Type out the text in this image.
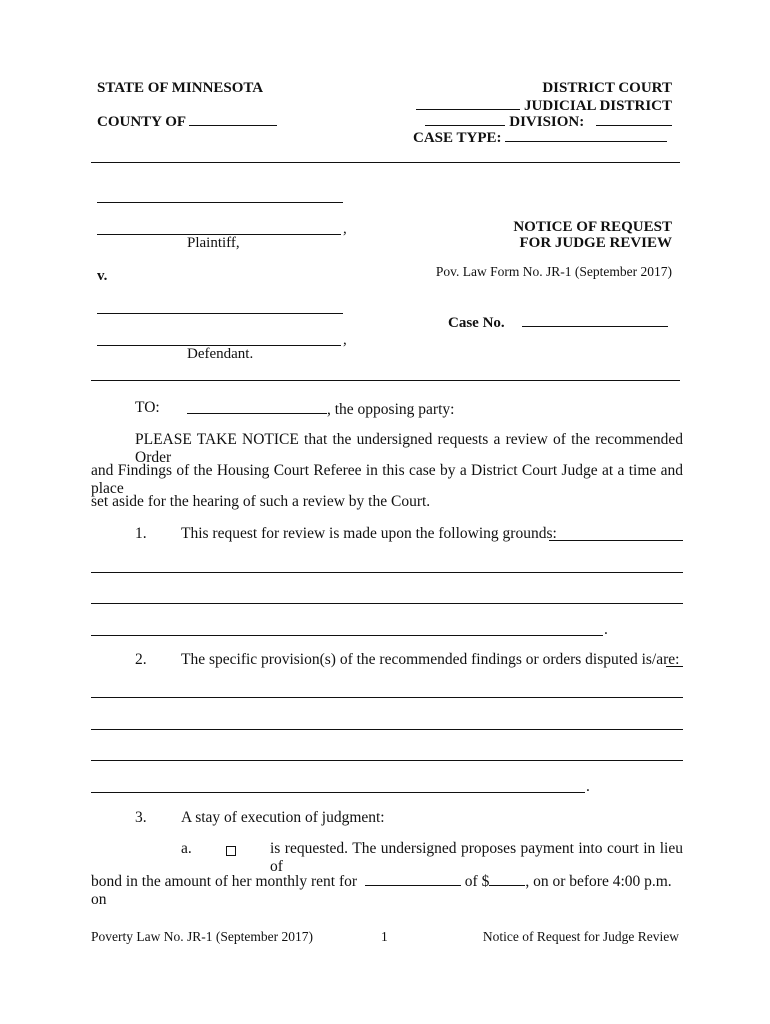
STATE OF MINNESOTA
COUNTY OF
DISTRICT COURT
JUDICIAL DISTRICT
DIVISION:
CASE TYPE:
,
Plaintiff,
NOTICE OF REQUEST
FOR JUDGE REVIEW
v.	Pov. Law Form No. JR-1 (September 2017)
Case No.
,
Defendant.
TO:	, the opposing party:
PLEASE TAKE NOTICE that the undersigned requests a review of the recommended Order
and Findings of the Housing Court Referee in this case by a District Court Judge at a time and place
set aside for the hearing of such a review by the Court.
1. This request for review is made upon the following grounds:
.
2. The specific provision(s) of the recommended findings or orders disputed is/are:
.
3. A stay of execution of judgment:
a.	is requested. The undersigned proposes payment into court in lieu of
bond in the amount of her monthly rent for	of $ , on or before 4:00 p.m. on
Poverty Law No. JR-1 (September 2017)	1	Notice of Request for Judge Review
